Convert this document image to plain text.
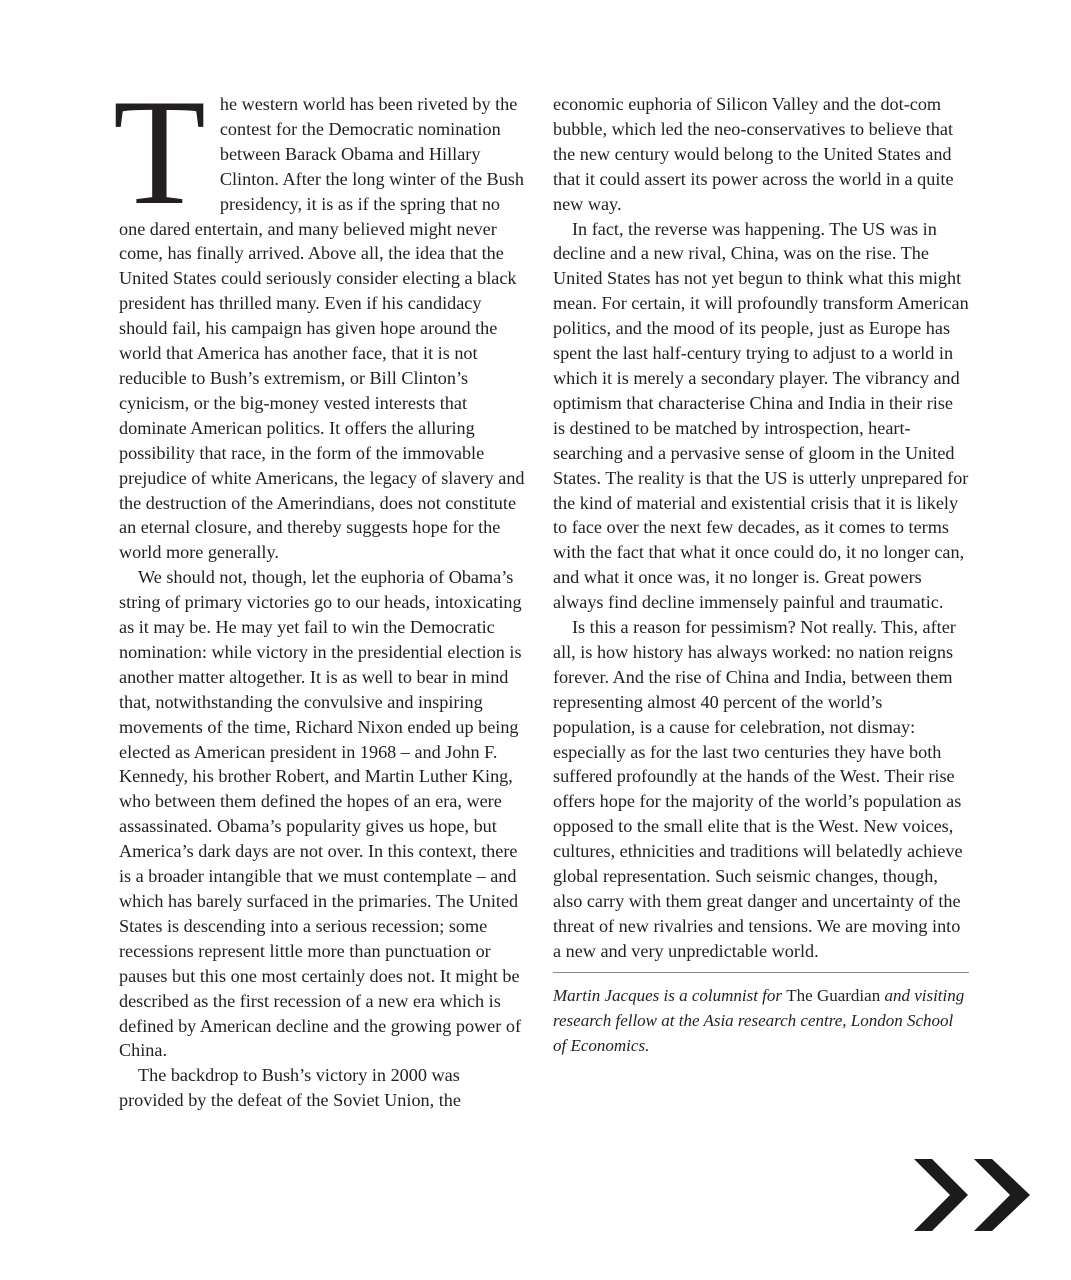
The western world has been riveted by the contest for the Democratic nomination between Barack Obama and Hillary Clinton. After the long winter of the Bush presidency, it is as if the spring that no one dared entertain, and many believed might never come, has finally arrived. Above all, the idea that the United States could seriously consider electing a black president has thrilled many. Even if his candidacy should fail, his campaign has given hope around the world that America has another face, that it is not reducible to Bush’s extremism, or Bill Clinton’s cynicism, or the big-money vested interests that dominate American politics. It offers the alluring possibility that race, in the form of the immovable prejudice of white Americans, the legacy of slavery and the destruction of the Amerindians, does not constitute an eternal closure, and thereby suggests hope for the world more generally.

We should not, though, let the euphoria of Obama’s string of primary victories go to our heads, intoxicating as it may be. He may yet fail to win the Democratic nomination: while victory in the presidential election is another matter altogether. It is as well to bear in mind that, notwithstanding the convulsive and inspiring movements of the time, Richard Nixon ended up being elected as American president in 1968 – and John F. Kennedy, his brother Robert, and Martin Luther King, who between them defined the hopes of an era, were assassinated. Obama’s popularity gives us hope, but America’s dark days are not over. In this context, there is a broader intangible that we must contemplate – and which has barely surfaced in the primaries. The United States is descending into a serious recession; some recessions represent little more than punctuation or pauses but this one most certainly does not. It might be described as the first recession of a new era which is defined by American decline and the growing power of China.

The backdrop to Bush’s victory in 2000 was provided by the defeat of the Soviet Union, the

economic euphoria of Silicon Valley and the dot-com bubble, which led the neo-conservatives to believe that the new century would belong to the United States and that it could assert its power across the world in a quite new way.

In fact, the reverse was happening. The US was in decline and a new rival, China, was on the rise. The United States has not yet begun to think what this might mean. For certain, it will profoundly transform American politics, and the mood of its people, just as Europe has spent the last half-century trying to adjust to a world in which it is merely a secondary player. The vibrancy and optimism that characterise China and India in their rise is destined to be matched by introspection, heart-searching and a pervasive sense of gloom in the United States. The reality is that the US is utterly unprepared for the kind of material and existential crisis that it is likely to face over the next few decades, as it comes to terms with the fact that what it once could do, it no longer can, and what it once was, it no longer is. Great powers always find decline immensely painful and traumatic.

Is this a reason for pessimism? Not really. This, after all, is how history has always worked: no nation reigns forever. And the rise of China and India, between them representing almost 40 percent of the world’s population, is a cause for celebration, not dismay: especially as for the last two centuries they have both suffered profoundly at the hands of the West. Their rise offers hope for the majority of the world’s population as opposed to the small elite that is the West. New voices, cultures, ethnicities and traditions will belatedly achieve global representation. Such seismic changes, though, also carry with them great danger and uncertainty of the threat of new rivalries and tensions. We are moving into a new and very unpredictable world.

Martin Jacques is a columnist for The Guardian and visiting research fellow at the Asia research centre, London School of Economics.
